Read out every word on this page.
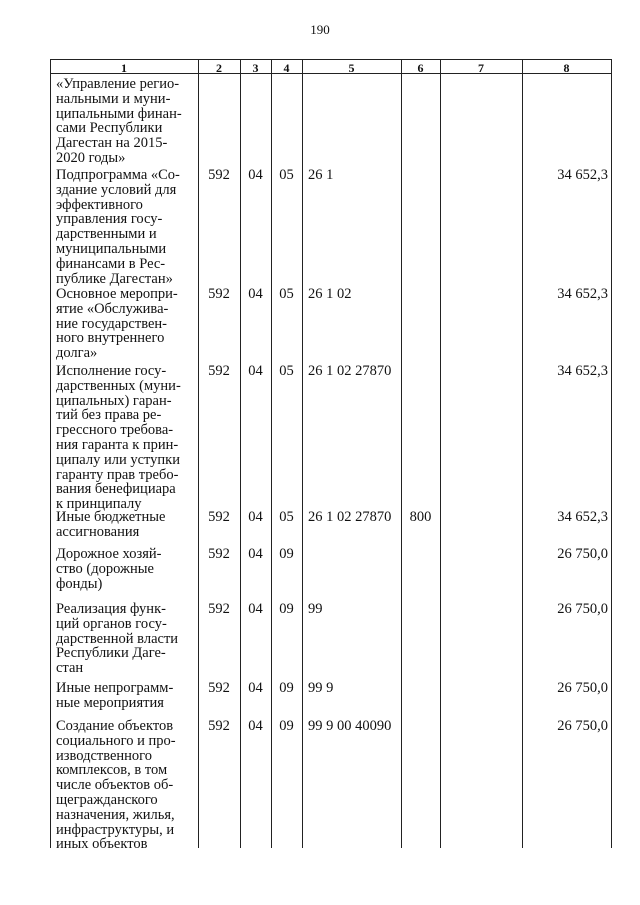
190
1	2	3	4	5	6	7	8
«Управление регио-
нальными и муни-
ципальными финан-
сами Республики
Дагестан на 2015-
2020 годы»
Подпрограмма «Со-
здание условий для
эффективного
управления госу-
дарственными и
муниципальными
финансами в Рес-
публике Дагестан»
592	04	05 26 1	34 652,3
Основное меропри-
ятие «Обслужива-
ние государствен-
ного внутреннего
долга»
592	04	05 26 1 02	34 652,3
Исполнение госу-
дарственных (муни-
ципальных) гаран-
тий без права ре-
грессного требова-
ния гаранта к прин-
ципалу или уступки
гаранту прав требо-
вания бенефициара
к принципалу
592	04	05 26 1 02 27870	34 652,3
Иные бюджетные
ассигнования
592	04	05 26 1 02 27870	800	34 652,3
Дорожное хозяй-
ство (дорожные
фонды)
592	04	09	26 750,0
Реализация функ-
ций органов госу-
дарственной власти
Республики Даге-
стан
592	04	09 99	26 750,0
Иные непрограмм-
ные мероприятия
592	04	09 99 9	26 750,0
Создание объектов
социального и про-
изводственного
комплексов, в том
числе объектов об-
щегражданского
назначения, жилья,
инфраструктуры, и
иных объектов
592	04	09 99 9 00 40090	26 750,0
